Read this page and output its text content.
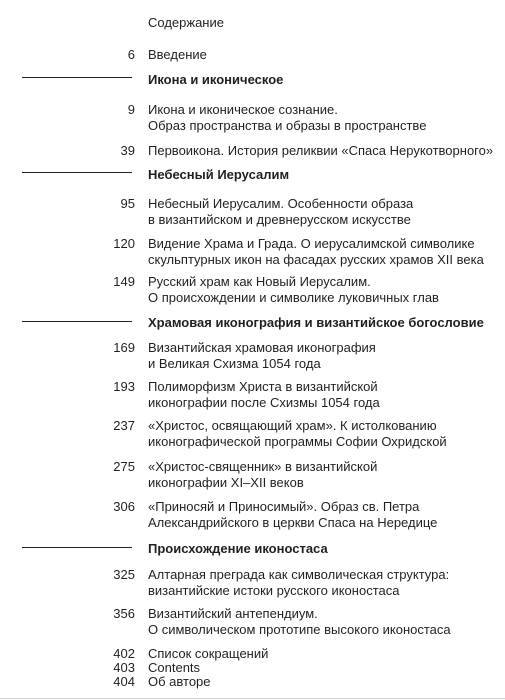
Содержание
6 Введение
Икона и иконическое
9 Икона и иконическое сознание.
Образ пространства и образы в пространстве
39 Первоикона. История реликвии «Спаса Нерукотворного»
Небесный Иерусалим
95 Небесный Иерусалим. Особенности образа
в византийском и древнерусском искусстве
120 Видение Храма и Града. О иерусалимской символике
скульптурных икон на фасадах русских храмов XII века
149 Русский храм как Новый Иерусалим.
О происхождении и символике луковичных глав
Храмовая иконография и византийское богословие
169 Византийская храмовая иконография
и Великая Схизма 1054 года
193 Полиморфизм Христа в византийской
иконографии после Схизмы 1054 года
237 «Христос, освящающий храм». К истолкованию
иконографической программы Софии Охридской
275 «Христос-священник» в византийской
иконографии XI–XII веков
306 «Приносяй и Приносимый». Образ св. Петра
Александрийского в церкви Спаса на Нередице
Происхождение иконостаса
325 Алтарная преграда как символическая структура:
византийские истоки русского иконостаса
356 Византийский антепендиум.
О символическом прототипе высокого иконостаса
402 Список сокращений
403 Contents
404 Об авторе
